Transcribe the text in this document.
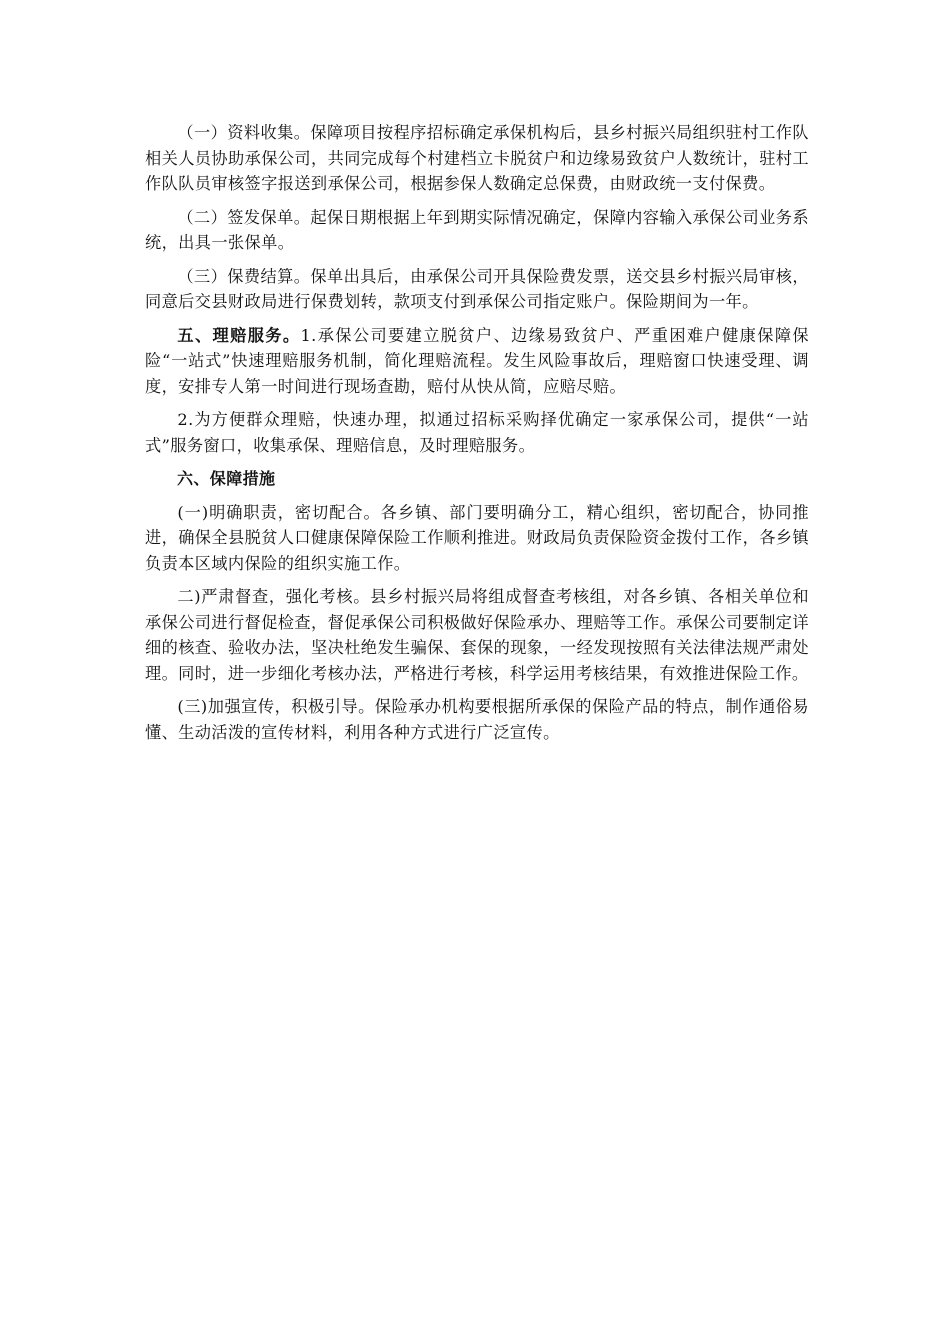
（一）资料收集。保障项目按程序招标确定承保机构后，县乡村振兴局组织驻村工作队相关人员协助承保公司，共同完成每个村建档立卡脱贫户和边缘易致贫户人数统计，驻村工作队队员审核签字报送到承保公司，根据参保人数确定总保费，由财政统一支付保费。

（二）签发保单。起保日期根据上年到期实际情况确定，保障内容输入承保公司业务系统，出具一张保单。

（三）保费结算。保单出具后，由承保公司开具保险费发票，送交县乡村振兴局审核，同意后交县财政局进行保费划转，款项支付到承保公司指定账户。保险期间为一年。

五、理赔服务。1.承保公司要建立脱贫户、边缘易致贫户、严重困难户健康保障保险“一站式”快速理赔服务机制，简化理赔流程。发生风险事故后，理赔窗口快速受理、调度，安排专人第一时间进行现场查勘，赔付从快从简，应赔尽赔。

2.为方便群众理赔，快速办理，拟通过招标采购择优确定一家承保公司，提供“一站式”服务窗口，收集承保、理赔信息，及时理赔服务。

六、保障措施

(一)明确职责，密切配合。各乡镇、部门要明确分工，精心组织，密切配合，协同推进，确保全县脱贫人口健康保障保险工作顺利推进。财政局负责保险资金拨付工作，各乡镇负责本区域内保险的组织实施工作。

二)严肃督查，强化考核。县乡村振兴局将组成督查考核组，对各乡镇、各相关单位和承保公司进行督促检查，督促承保公司积极做好保险承办、理赔等工作。承保公司要制定详细的核查、验收办法，坚决杜绝发生骗保、套保的现象，一经发现按照有关法律法规严肃处理。同时，进一步细化考核办法，严格进行考核，科学运用考核结果，有效推进保险工作。

(三)加强宣传，积极引导。保险承办机构要根据所承保的保险产品的特点，制作通俗易懂、生动活泼的宣传材料，利用各种方式进行广泛宣传。
